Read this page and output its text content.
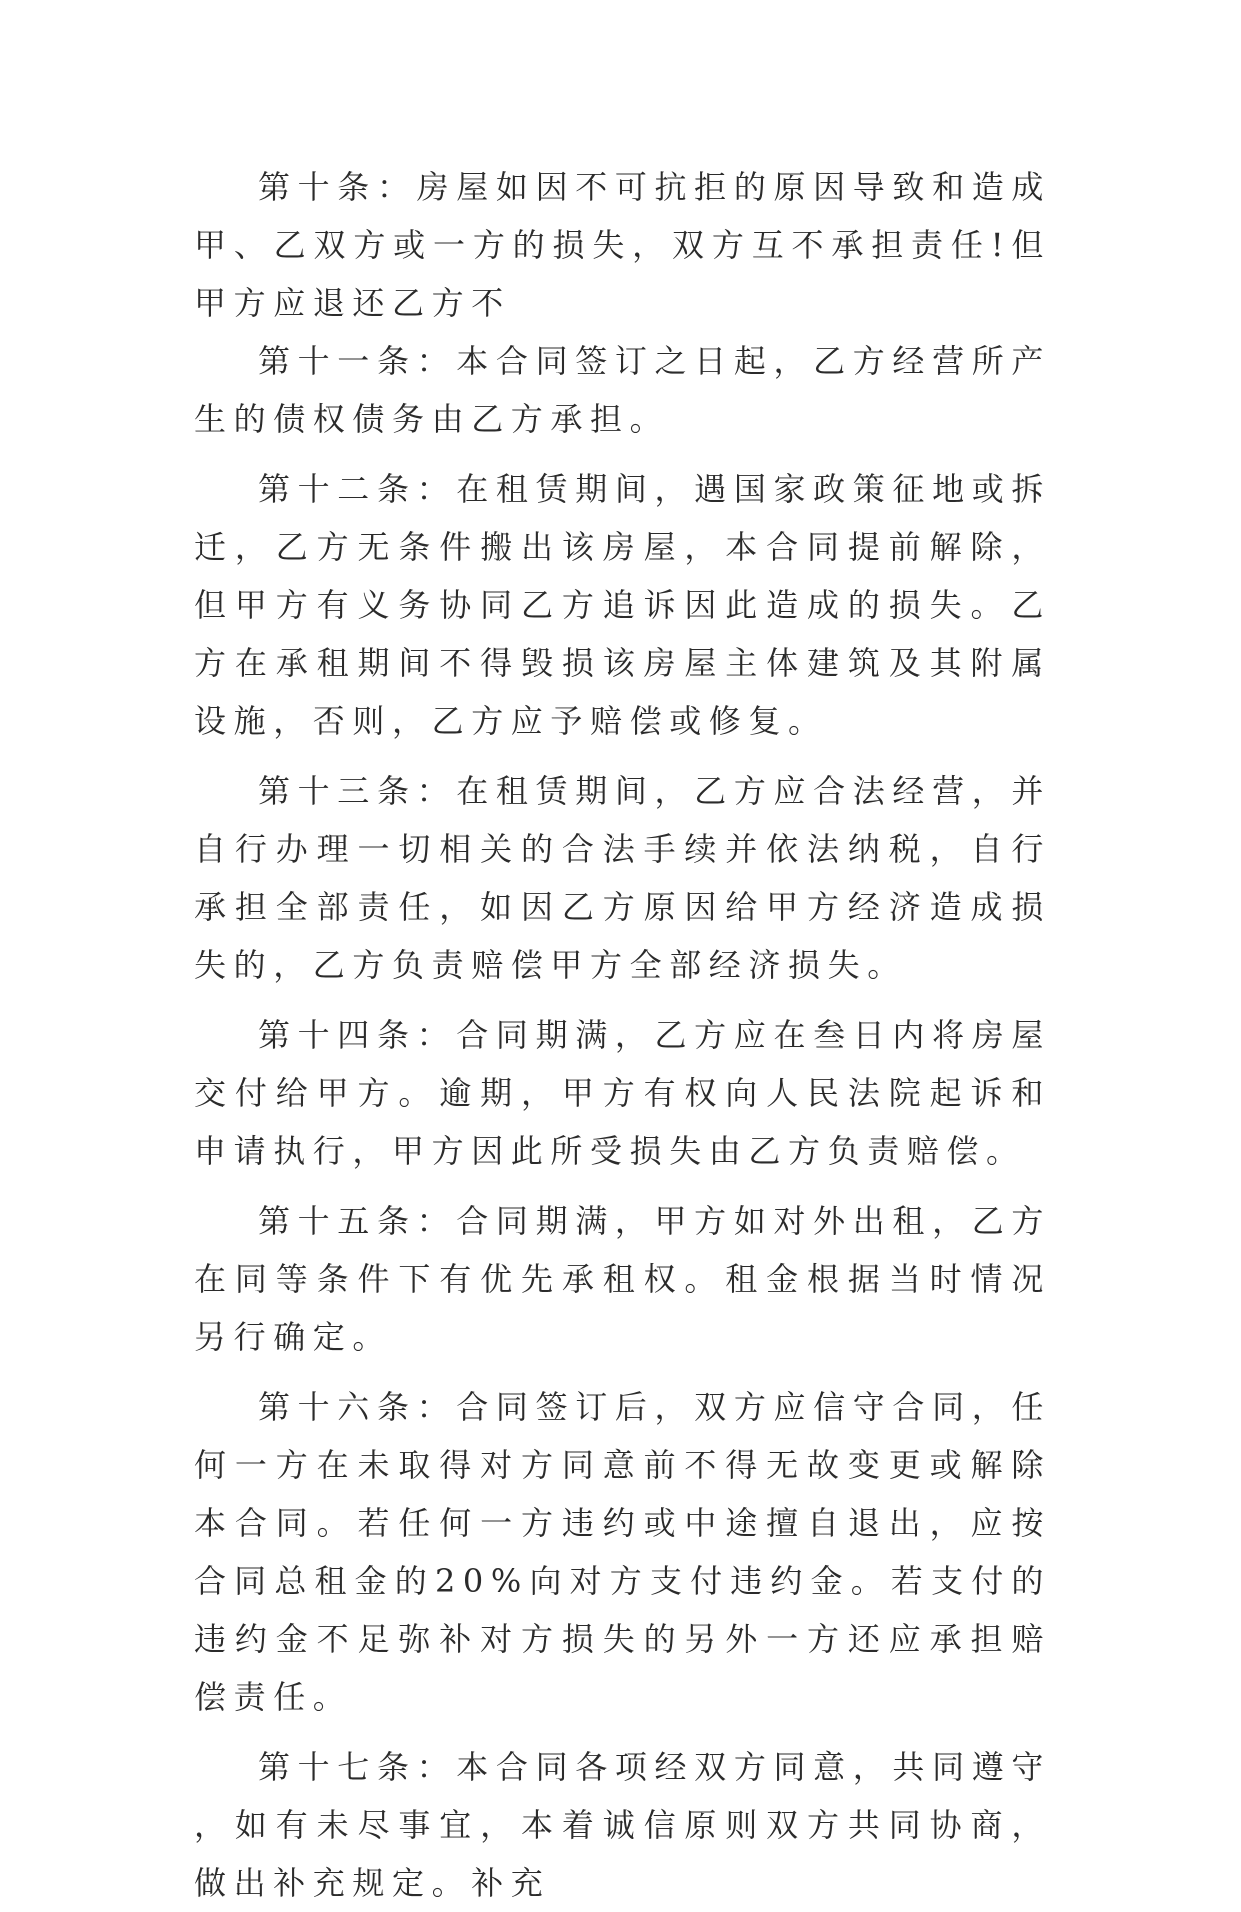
第十条：房屋如因不可抗拒的原因导致和造成甲、乙双方或一方的损失，双方互不承担责任!但甲方应退还乙方不

第十一条：本合同签订之日起，乙方经营所产生的债权债务由乙方承担。

第十二条：在租赁期间，遇国家政策征地或拆迁，乙方无条件搬出该房屋，本合同提前解除，但甲方有义务协同乙方追诉因此造成的损失。乙方在承租期间不得毁损该房屋主体建筑及其附属设施，否则，乙方应予赔偿或修复。

第十三条：在租赁期间，乙方应合法经营，并自行办理一切相关的合法手续并依法纳税，自行承担全部责任，如因乙方原因给甲方经济造成损失的，乙方负责赔偿甲方全部经济损失。

第十四条：合同期满，乙方应在叁日内将房屋交付给甲方。逾期，甲方有权向人民法院起诉和申请执行，甲方因此所受损失由乙方负责赔偿。

第十五条：合同期满，甲方如对外出租，乙方在同等条件下有优先承租权。租金根据当时情况另行确定。

第十六条：合同签订后，双方应信守合同，任何一方在未取得对方同意前不得无故变更或解除本合同。若任何一方违约或中途擅自退出，应按合同总租金的20%向对方支付违约金。若支付的违约金不足弥补对方损失的另外一方还应承担赔偿责任。

第十七条：本合同各项经双方同意，共同遵守，如有未尽事宜，本着诚信原则双方共同协商，做出补充规定。补充
